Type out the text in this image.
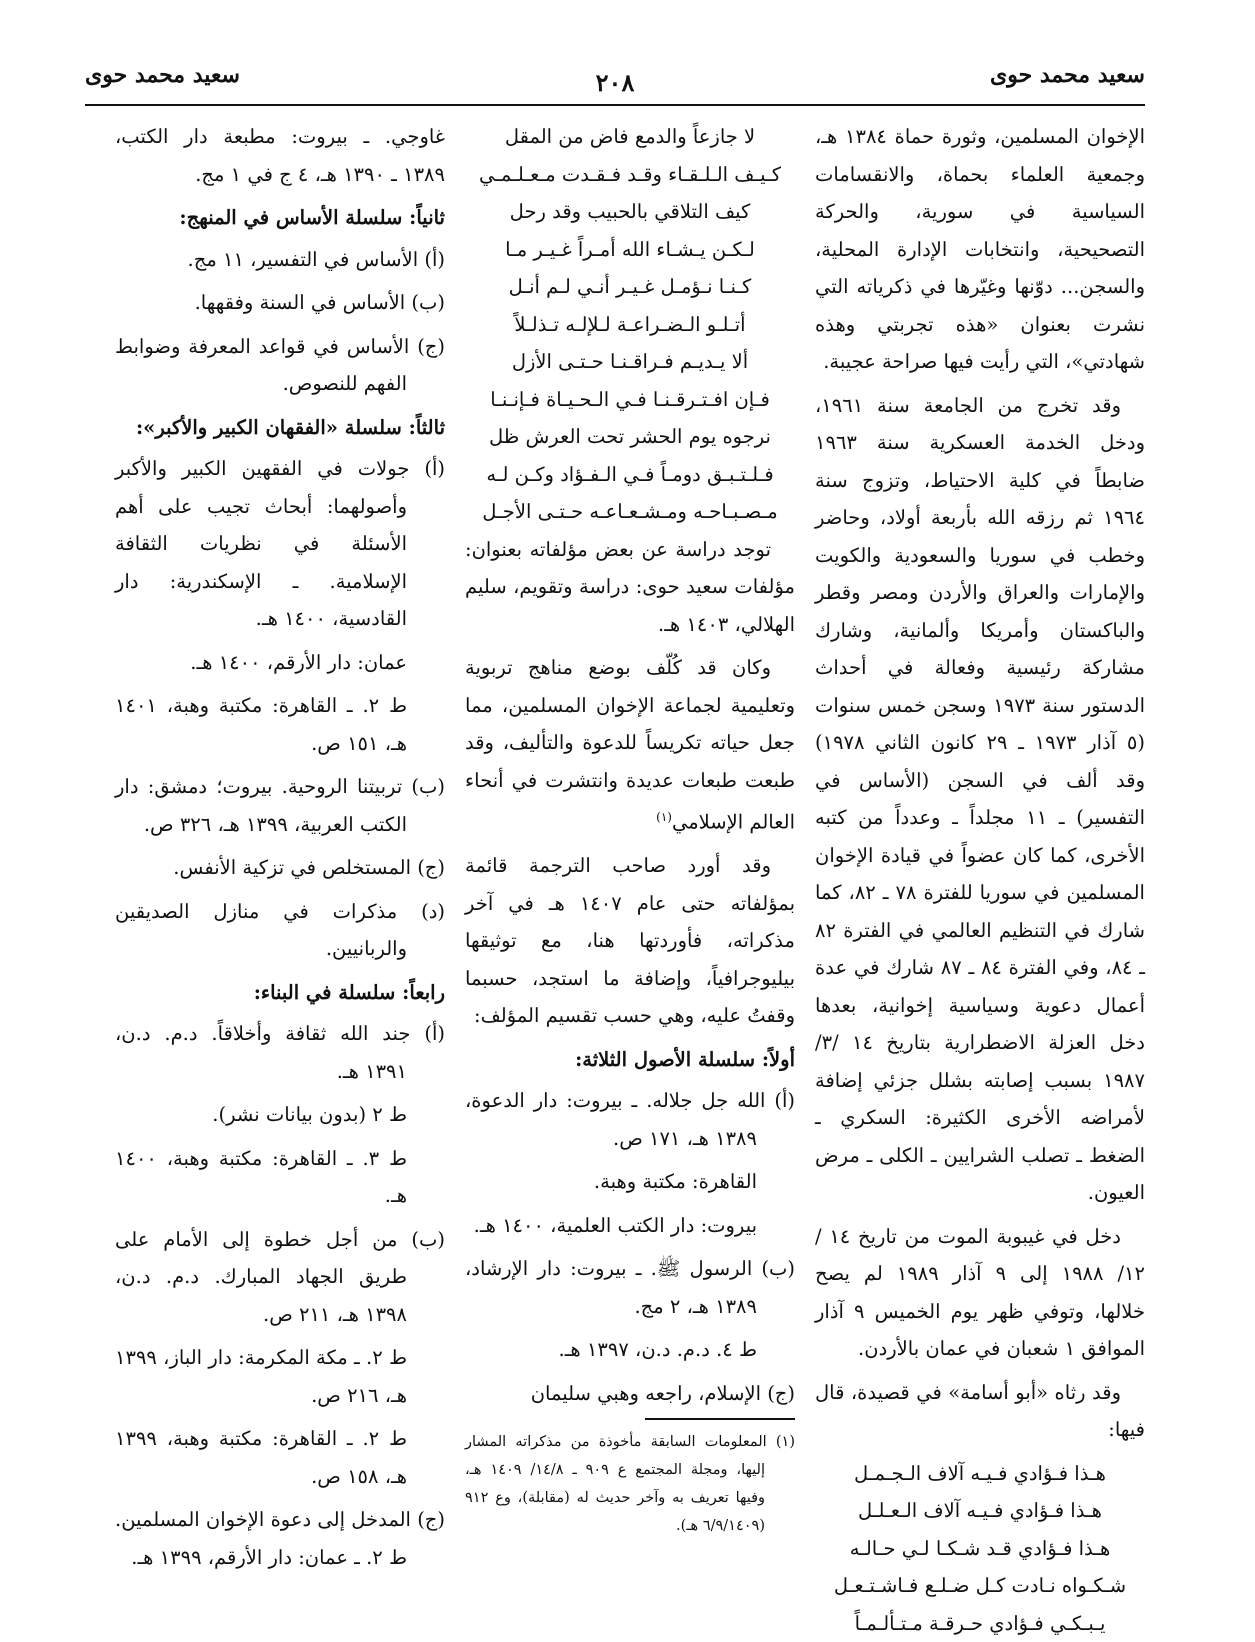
سعيد محمد حوى
٢٠٨
سعيد محمد حوى

الإخوان المسلمين، وثورة حماة ١٣٨٤ هـ، وجمعية العلماء بحماة، والانقسامات السياسية في سورية، والحركة التصحيحية، وانتخابات الإدارة المحلية، والسجن... دوّنها وغيّرها في ذكرياته التي نشرت بعنوان «هذه تجربتي وهذه شهادتي»، التي رأيت فيها صراحة عجيبة.

وقد تخرج من الجامعة سنة ١٩٦١، ودخل الخدمة العسكرية سنة ١٩٦٣ ضابطاً في كلية الاحتياط، وتزوج سنة ١٩٦٤ ثم رزقه الله بأربعة أولاد، وحاضر وخطب في سوريا والسعودية والكويت والإمارات والعراق والأردن ومصر وقطر والباكستان وأمريكا وألمانية، وشارك مشاركة رئيسية وفعالة في أحداث الدستور سنة ١٩٧٣ وسجن خمس سنوات (٥ آذار ١٩٧٣ ـ ٢٩ كانون الثاني ١٩٧٨) وقد ألف في السجن (الأساس في التفسير) ـ ١١ مجلداً ـ وعدداً من كتبه الأخرى، كما كان عضواً في قيادة الإخوان المسلمين في سوريا للفترة ٧٨ ـ ٨٢، كما شارك في التنظيم العالمي في الفترة ٨٢ ـ ٨٤، وفي الفترة ٨٤ ـ ٨٧ شارك في عدة أعمال دعوية وسياسية إخوانية، بعدها دخل العزلة الاضطرارية بتاريخ ١٤ /٣/ ١٩٨٧ بسبب إصابته بشلل جزئي إضافة لأمراضه الأخرى الكثيرة: السكري ـ الضغط ـ تصلب الشرايين ـ الكلى ـ مرض العيون.

دخل في غيبوبة الموت من تاريخ ١٤ /١٢/ ١٩٨٨ إلى ٩ آذار ١٩٨٩ لم يصح خلالها، وتوفي ظهر يوم الخميس ٩ آذار الموافق ١ شعبان في عمان بالأردن.

وقد رثاه «أبو أسامة» في قصيدة، قال فيها:

هـذا فـؤادي فـيـه آلاف الـجـمـل

هـذا فـؤادي فـيـه آلاف الـعـلـل

هـذا فـؤادي قـد شـكـا لـي حـالـه

شـكـواه نـادت كـل ضـلـع فـاشـتـعـل

يـبـكـي فـؤادي حـرقـة مـتـألـمـاً

لا جازعاً والدمع فاض من المقل

كـيـف الـلـقـاء وقـد فـقـدت مـعـلـمـي

كيف التلاقي بالحبيب وقد رحل

لـكـن يـشـاء الله أمـراً غـيـر مـا

كـنـا نـؤمـل غـيـر أنـي لـم أنـل

أتـلـو الـضـراعـة لـلإلـه تـذلـلاً

ألا يـديـم فـراقـنـا حـتـى الأزل

فـإن افـتـرقـنـا فـي الـحـيـاة فـإنـنـا

نرجوه يوم الحشر تحت العرش ظل

فـلـتـبـق دومـاً فـي الـفـؤاد وكـن لـه

مـصـبـاحـه ومـشـعـاعـه حـتـى الأجـل

توجد دراسة عن بعض مؤلفاته بعنوان: مؤلفات سعيد حوى: دراسة وتقويم، سليم الهلالي، ١٤٠٣ هـ.

وكان قد كُلّف بوضع مناهج تربوية وتعليمية لجماعة الإخوان المسلمين، مما جعل حياته تكريساً للدعوة والتأليف، وقد طبعت طبعات عديدة وانتشرت في أنحاء العالم الإسلامي$^{(١)}$

وقد أورد صاحب الترجمة قائمة بمؤلفاته حتى عام ١٤٠٧ هـ في آخر مذكراته، فأوردتها هنا، مع توثيقها بيليوجرافياً، وإضافة ما استجد، حسبما وقفتُ عليه، وهي حسب تقسيم المؤلف:

أولاً: سلسلة الأصول الثلاثة:

(أ) الله جل جلاله. ـ بيروت: دار الدعوة، ١٣٨٩ هـ، ١٧١ ص.

القاهرة: مكتبة وهبة.

بيروت: دار الكتب العلمية، ١٤٠٠ هـ.

(ب) الرسول ﷺ. ـ بيروت: دار الإرشاد، ١٣٨٩ هـ، ٢ مج.

ط ٤. د.م. د.ن، ١٣٩٧ هـ.

(ج) الإسلام، راجعه وهبي سليمان

(١) المعلومات السابقة مأخوذة من مذكراته المشار إليها، ومجلة المجتمع ع ٩٠٩ ـ ١٤/٨/ ١٤٠٩ هـ، وفيها تعريف به وآخر حديث له (مقابلة)، وع ٩١٢ (٦/٩/١٤٠٩ هـ).

غاوجي. ـ بيروت: مطبعة دار الكتب، ١٣٨٩ ـ ١٣٩٠ هـ، ٤ ج في ١ مج.

ثانياً: سلسلة الأساس في المنهج:

(أ) الأساس في التفسير، ١١ مج.

(ب) الأساس في السنة وفقهها.

(ج) الأساس في قواعد المعرفة وضوابط الفهم للنصوص.

ثالثاً: سلسلة «الفقهان الكبير والأكبر»:

(أ) جولات في الفقهين الكبير والأكبر وأصولهما: أبحاث تجيب على أهم الأسئلة في نظريات الثقافة الإسلامية. ـ الإسكندرية: دار القادسية، ١٤٠٠ هـ.

عمان: دار الأرقم، ١٤٠٠ هـ.

ط ٢. ـ القاهرة: مكتبة وهبة، ١٤٠١ هـ، ١٥١ ص.

(ب) تربيتنا الروحية. بيروت؛ دمشق: دار الكتب العربية، ١٣٩٩ هـ، ٣٢٦ ص.

(ج) المستخلص في تزكية الأنفس.

(د) مذكرات في منازل الصديقين والربانيين.

رابعاً: سلسلة في البناء:

(أ) جند الله ثقافة وأخلاقاً. د.م. د.ن، ١٣٩١ هـ.

ط ٢ (بدون بيانات نشر).

ط ٣. ـ القاهرة: مكتبة وهبة، ١٤٠٠ هـ.

(ب) من أجل خطوة إلى الأمام على طريق الجهاد المبارك. د.م. د.ن، ١٣٩٨ هـ، ٢١١ ص.

ط ٢. ـ مكة المكرمة: دار الباز، ١٣٩٩ هـ، ٢١٦ ص.

ط ٢. ـ القاهرة: مكتبة وهبة، ١٣٩٩ هـ، ١٥٨ ص.

(ج) المدخل إلى دعوة الإخوان المسلمين. ط ٢. ـ عمان: دار الأرقم، ١٣٩٩ هـ.
